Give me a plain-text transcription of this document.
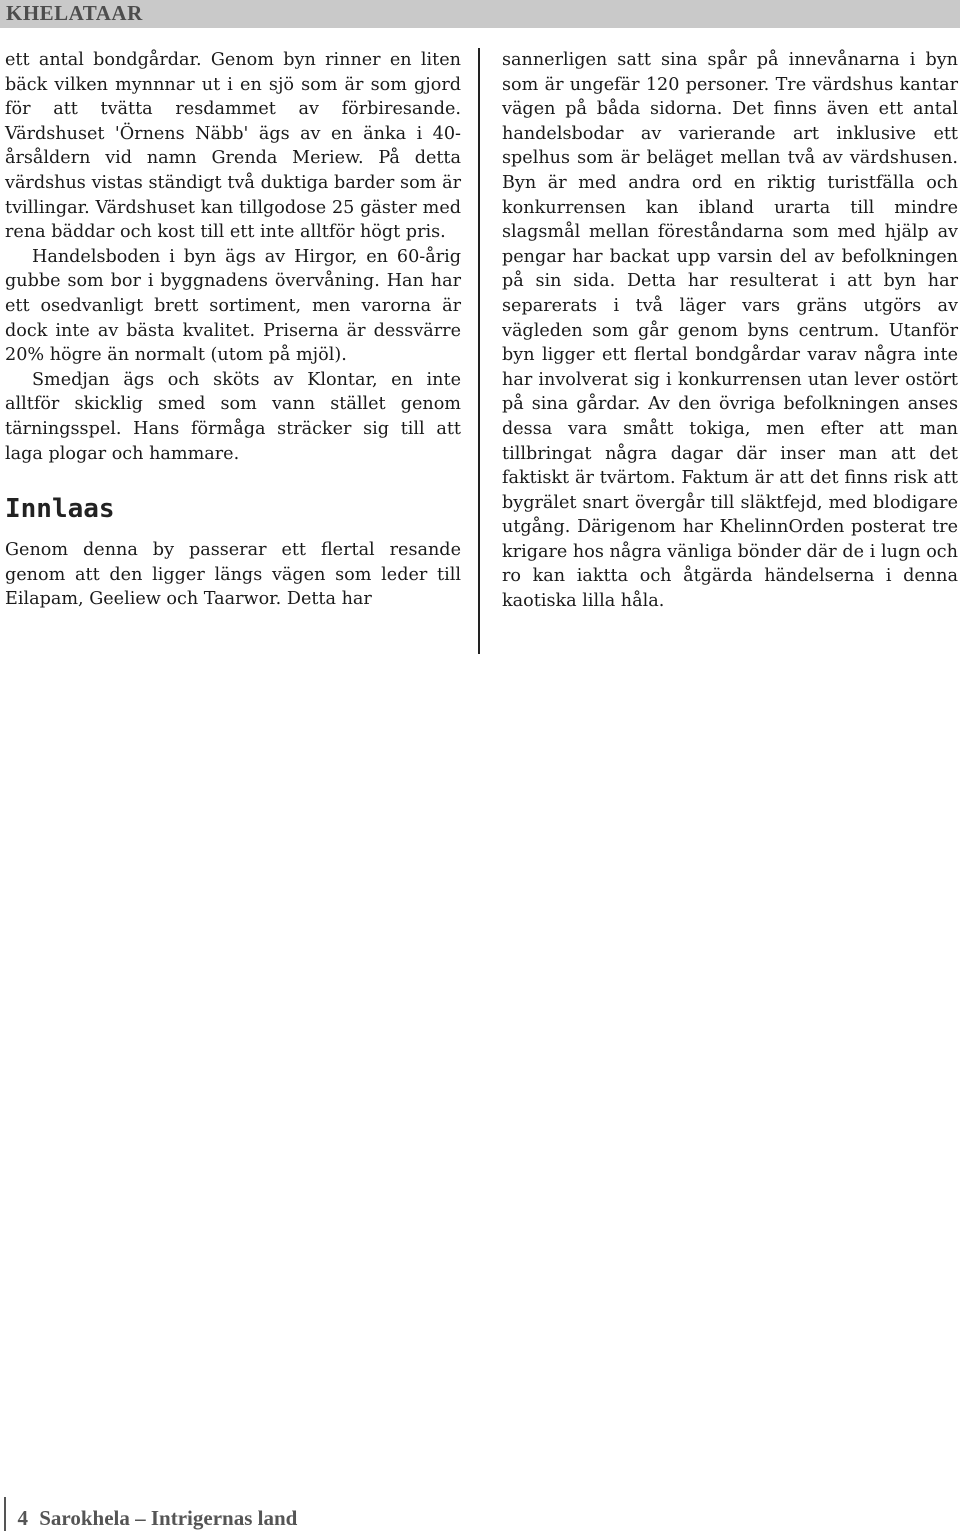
KHELATAAR

ett antal bondgårdar. Genom byn rinner en liten bäck vilken mynnnar ut i en sjö som är som gjord för att tvätta resdammet av förbiresande. Värdshuset 'Örnens Näbb' ägs av en änka i 40-årsåldern vid namn Grenda Meriew. På detta värdshus vistas ständigt två duktiga barder som är tvillingar. Värdshuset kan tillgodose 25 gäster med rena bäddar och kost till ett inte alltför högt pris.

Handelsboden i byn ägs av Hirgor, en 60-årig gubbe som bor i byggnadens övervåning. Han har ett osedvanligt brett sortiment, men varorna är dock inte av bästa kvalitet. Priserna är dessvärre 20% högre än normalt (utom på mjöl).

Smedjan ägs och sköts av Klontar, en inte alltför skicklig smed som vann stället genom tärningsspel. Hans förmåga sträcker sig till att laga plogar och hammare.

Innlaas

Genom denna by passerar ett flertal resande genom att den ligger längs vägen som leder till Eilapam, Geeliew och Taarwor. Detta har

sannerligen satt sina spår på innevånarna i byn som är ungefär 120 personer. Tre värdshus kantar vägen på båda sidorna. Det finns även ett antal handelsbodar av varierande art inklusive ett spelhus som är beläget mellan två av värdshusen. Byn är med andra ord en riktig turistfälla och konkurrensen kan ibland urarta till mindre slagsmål mellan föreståndarna som med hjälp av pengar har backat upp varsin del av befolkningen på sin sida. Detta har resulterat i att byn har separerats i två läger vars gräns utgörs av vägleden som går genom byns centrum. Utanför byn ligger ett flertal bondgårdar varav några inte har involverat sig i konkurrensen utan lever ostört på sina gårdar. Av den övriga befolkningen anses dessa vara smått tokiga, men efter att man tillbringat några dagar där inser man att det faktiskt är tvärtom. Faktum är att det finns risk att bygrälet snart övergår till släktfejd, med blodigare utgång. Därigenom har KhelinnOrden posterat tre krigare hos några vänliga bönder där de i lugn och ro kan iaktta och åtgärda händelserna i denna kaotiska lilla håla.

4 Sarokhela – Intrigernas land
